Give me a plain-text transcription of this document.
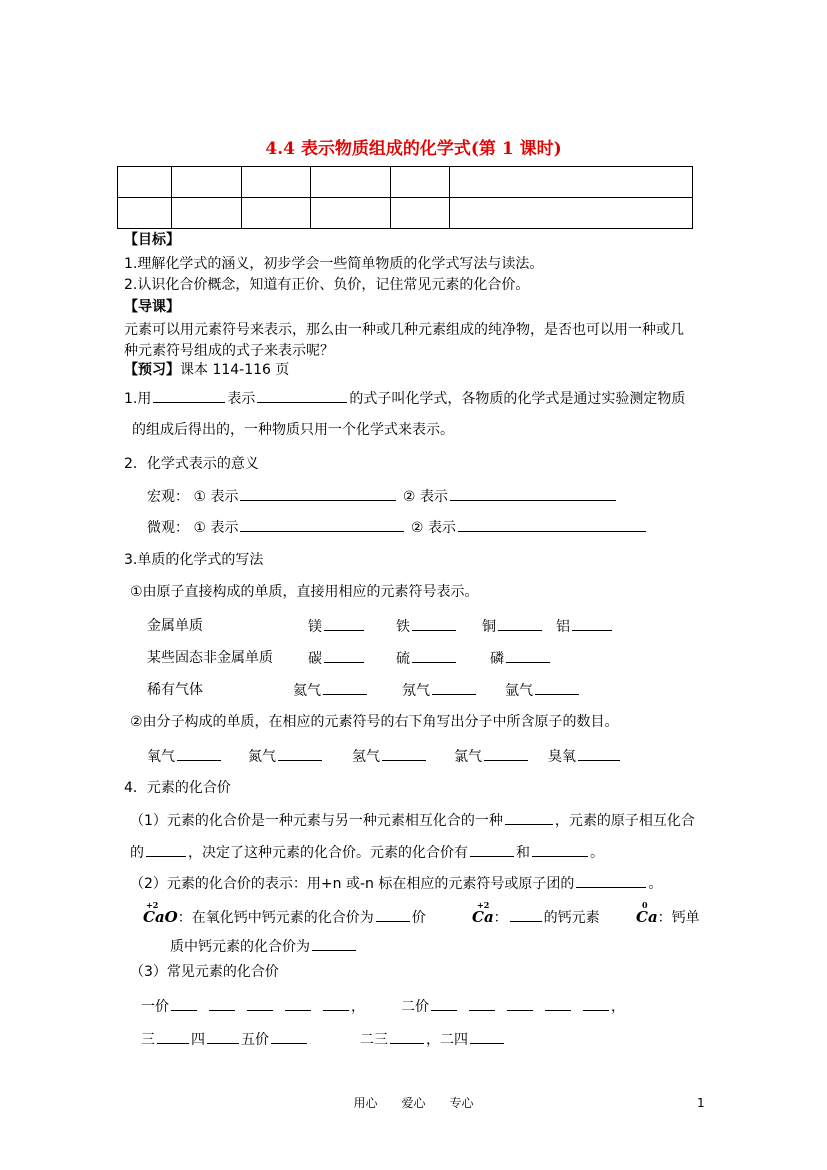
4.4 表示物质组成的化学式(第 1 课时)

【目标】
1.理解化学式的涵义，初步学会一些简单物质的化学式写法与读法。
2.认识化合价概念，知道有正价、负价，记住常见元素的化合价。
【导课】
元素可以用元素符号来表示，那么由一种或几种元素组成的纯净物，是否也可以用一种或几
种元素符号组成的式子来表示呢？
【预习】课本 114-116 页
1.用	表示	的式子叫化学式，各物质的化学式是通过实验测定物质
的组成后得出的，一种物质只用一个化学式来表示。
2．化学式表示的意义
宏观： ① 表示	② 表示
微观： ① 表示	② 表示
3.单质的化学式的写法
①由原子直接构成的单质，直接用相应的元素符号表示。
金属单质	镁	铁	铜	铝
某些固态非金属单质	碳	硫	磷
稀有气体	氦气	氖气	氩气
②由分子构成的单质，在相应的元素符号的右下角写出分子中所含原子的数目。
氧气	氮气	氢气	氯气	臭氧
4．元素的化合价
（1）元素的化合价是一种元素与另一种元素相互化合的一种	，元素的原子相互化合
的	，决定了这种元素的化合价。元素的化合价有	和	。
（2）元素的化合价的表示：用+n 或-n 标在相应的元素符号或原子团的	。
+2
CaO：在氧化钙中钙元素的化合价为	价
+2
Ca：	的钙元素
0
Ca：钙单
质中钙元素的化合价为
（3）常见元素的化合价
一价	，	二价	，
三	四	五价	二三	，二四
用心　　爱心　　专心	1
